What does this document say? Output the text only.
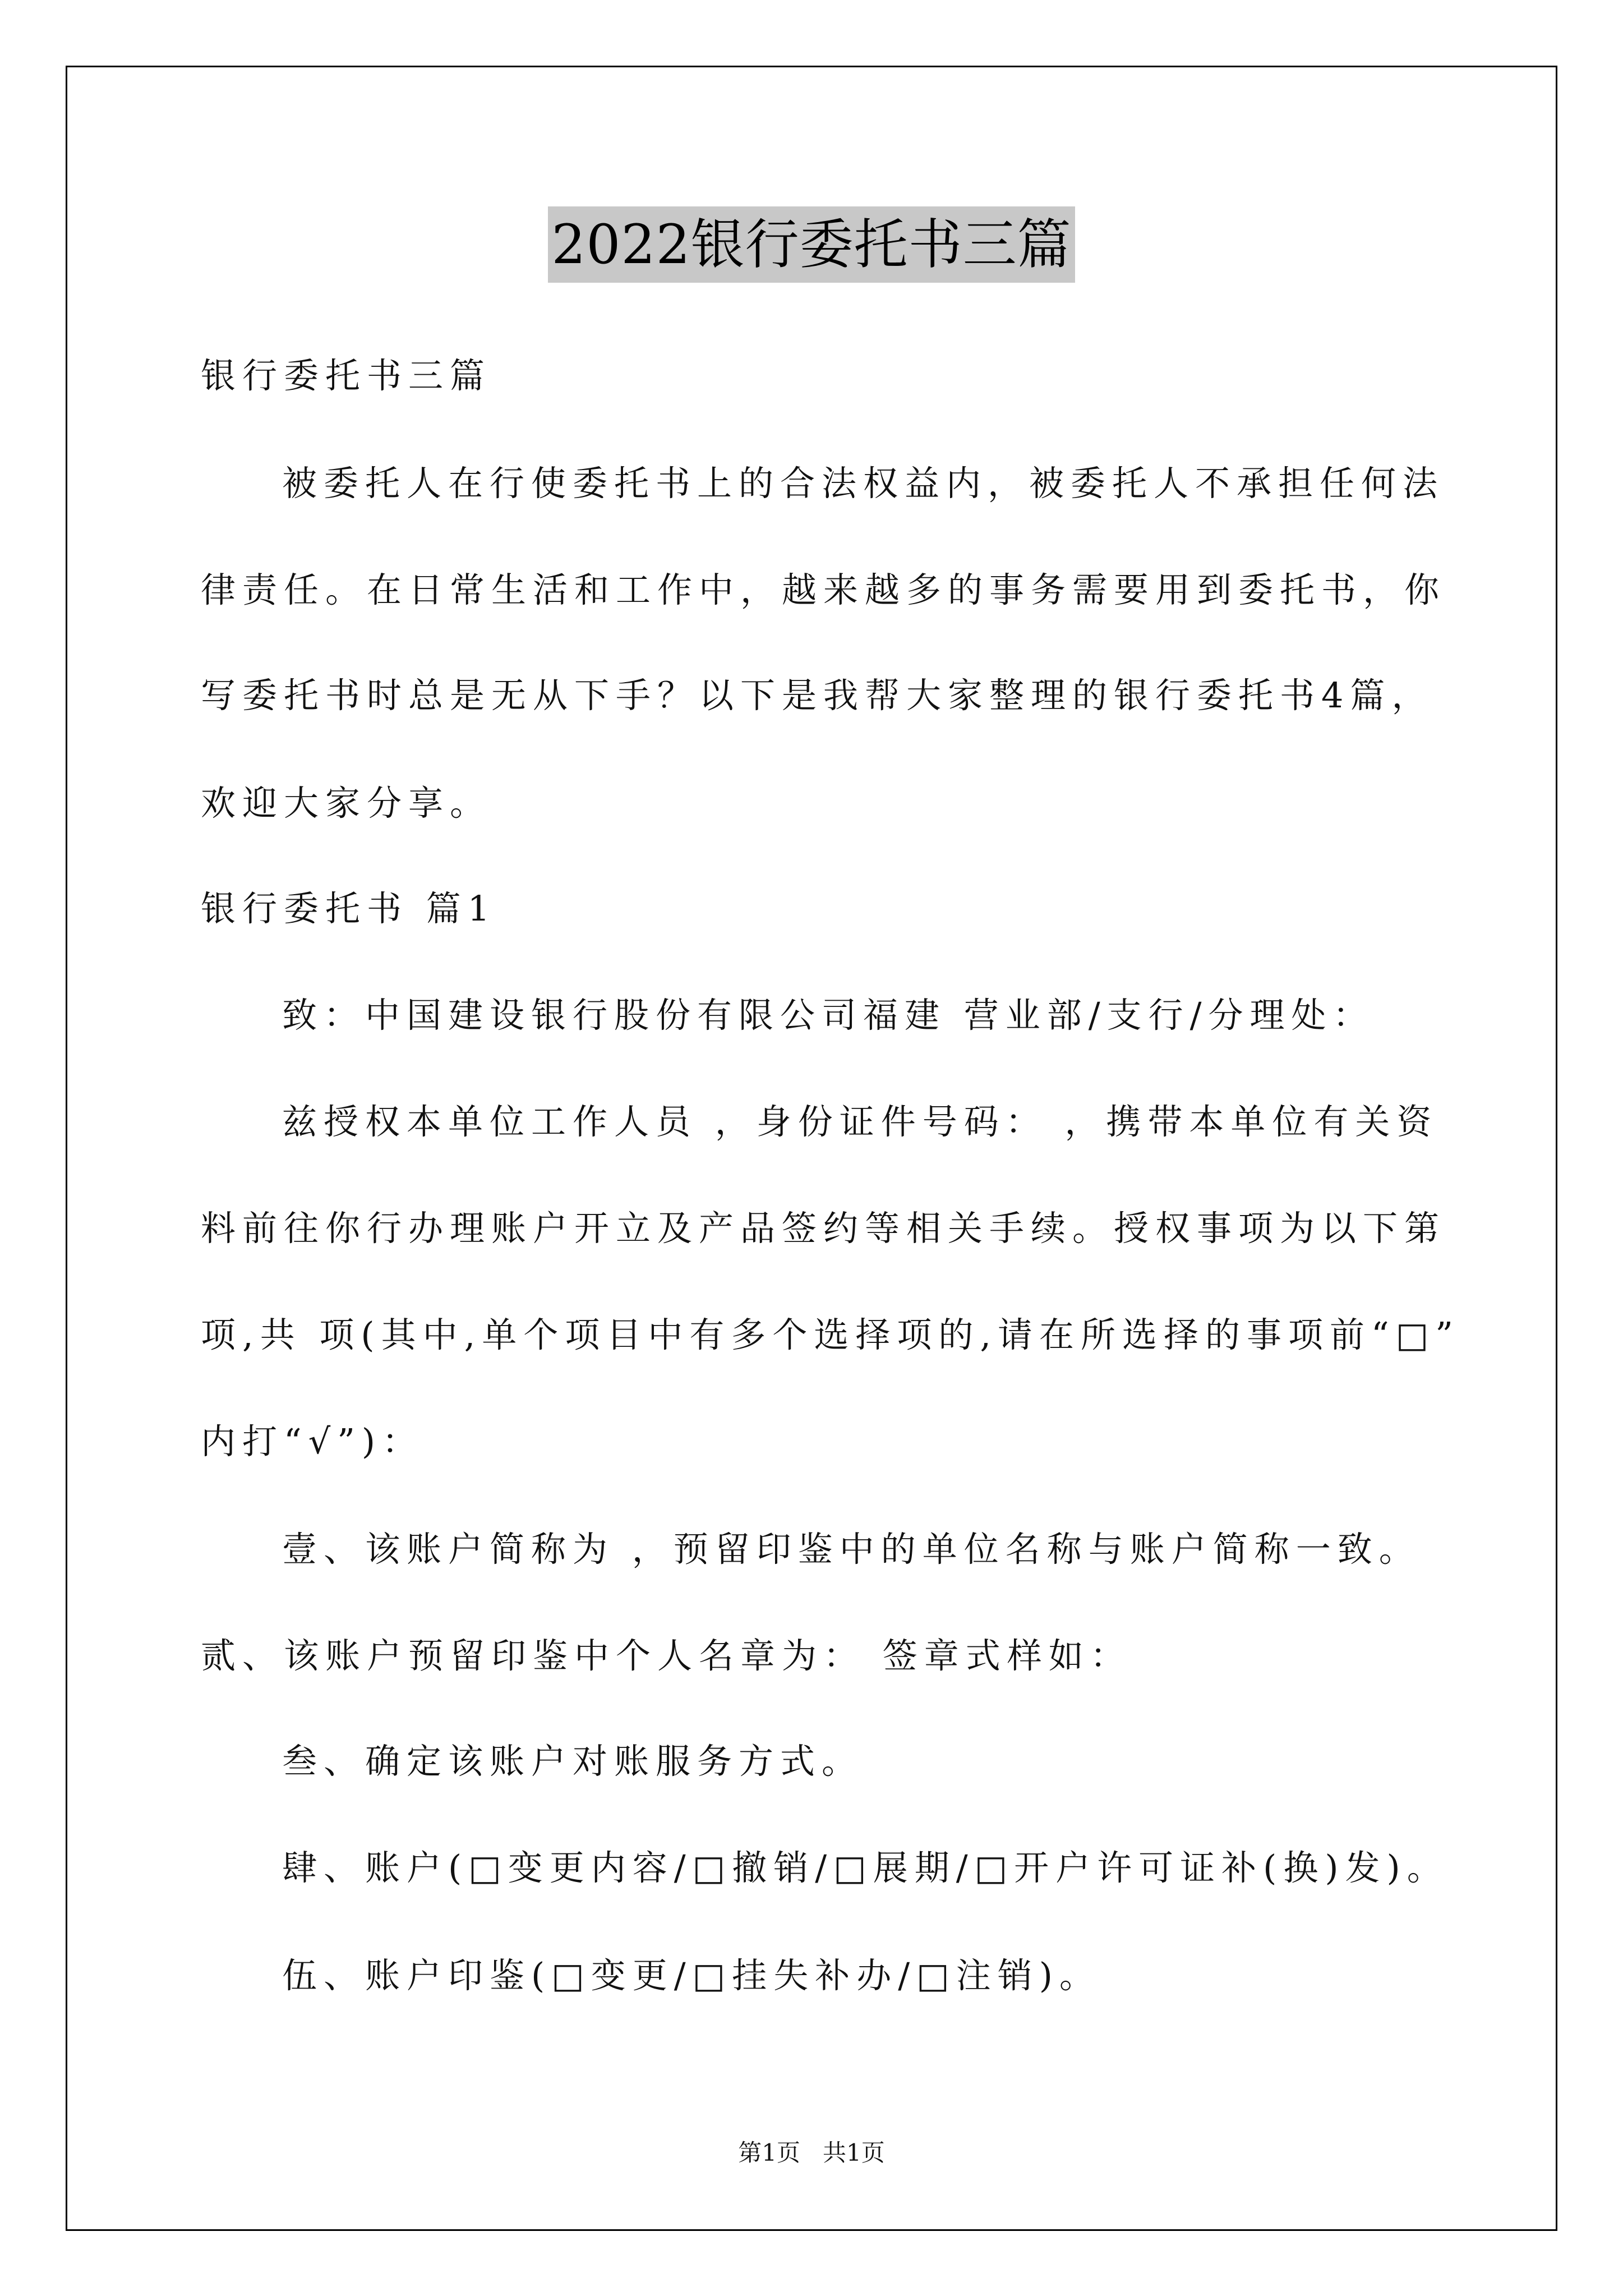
2022银行委托书三篇
银行委托书三篇
被委托人在行使委托书上的合法权益内，被委托人不承担任何法
律责任。在日常生活和工作中，越来越多的事务需要用到委托书，你
写委托书时总是无从下手？以下是我帮大家整理的银行委托书4篇，
欢迎大家分享。
银行委托书 篇1
致：中国建设银行股份有限公司福建 营业部/支行/分理处：
兹授权本单位工作人员 ，身份证件号码： ，携带本单位有关资
料前往你行办理账户开立及产品签约等相关手续。授权事项为以下第
项,共 项(其中,单个项目中有多个选择项的,请在所选择的事项前“□”
内打“√”)：
壹、该账户简称为 ，预留印鉴中的单位名称与账户简称一致。
贰、该账户预留印鉴中个人名章为： 签章式样如：
叁、确定该账户对账服务方式。
肆、账户(□变更内容/□撤销/□展期/□开户许可证补(换)发)。
伍、账户印鉴(□变更/□挂失补办/□注销)。
第1页   共1页
